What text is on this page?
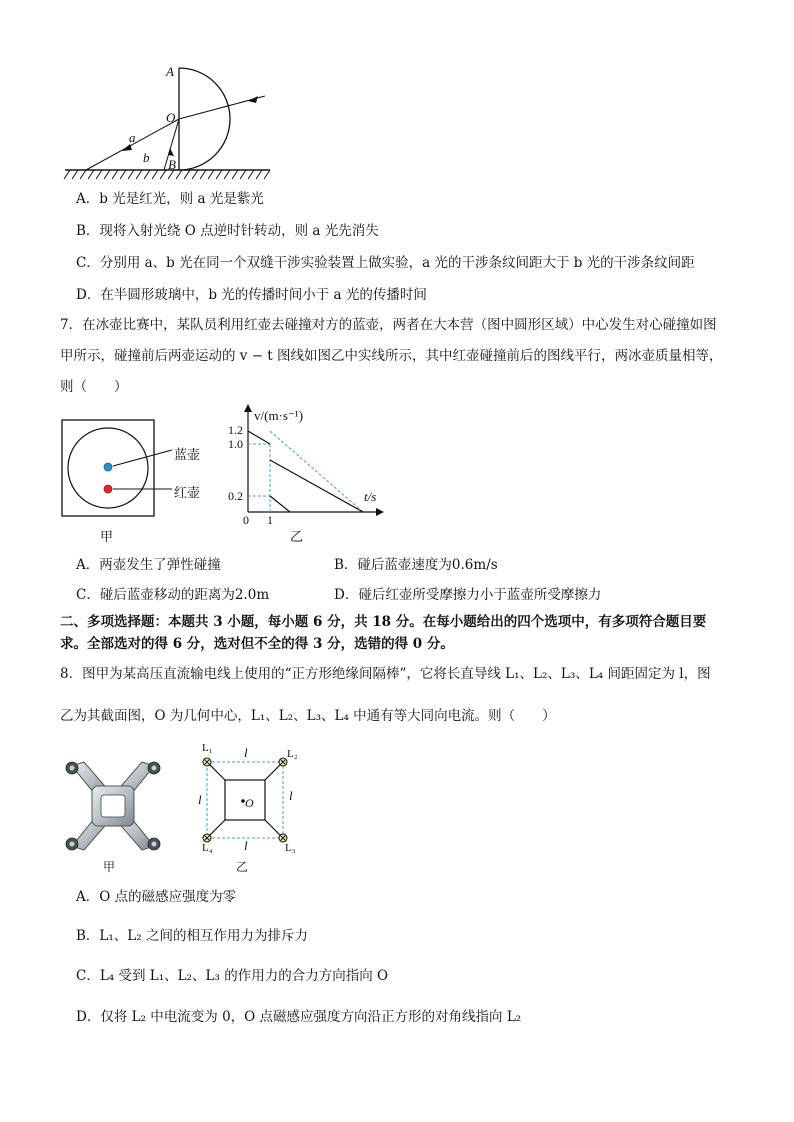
A
O
B
a
b
A．b 光是红光，则 a 光是紫光
B．现将入射光绕 O 点逆时针转动，则 a 光先消失
C．分别用 a、b 光在同一个双缝干涉实验装置上做实验，a 光的干涉条纹间距大于 b 光的干涉条纹间距
D．在半圆形玻璃中，b 光的传播时间小于 a 光的传播时间
7．在冰壶比赛中，某队员利用红壶去碰撞对方的蓝壶，两者在大本营（图中圆形区域）中心发生对心碰撞如图
甲所示，碰撞前后两壶运动的 v − t 图线如图乙中实线所示，其中红壶碰撞前后的图线平行，两冰壶质量相等，
则（　　）
蓝壶
红壶
甲
v/(m·s⁻¹)
1.2
1.0
0.2
0 1
t/s
乙
A．两壶发生了弹性碰撞	B．碰后蓝壶速度为0.6m/s
C．碰后蓝壶移动的距离为2.0m	D．碰后红壶所受摩擦力小于蓝壶所受摩擦力
二、多项选择题：本题共 3 小题，每小题 6 分，共 18 分。在每小题给出的四个选项中，有多项符合题目要
求。全部选对的得 6 分，选对但不全的得 3 分，选错的得 0 分。
8．图甲为某高压直流输电线上使用的“正方形绝缘间隔棒”，它将长直导线 L₁、L₂、L₃、L₄ 间距固定为 l，图
乙为其截面图，O 为几何中心，L₁、L₂、L₃、L₄ 中通有等大同向电流。则（　　）
甲
L₁	L₂
L₃
L₄
l
l	l
l
O
乙
A．O 点的磁感应强度为零
B．L₁、L₂ 之间的相互作用力为排斥力
C．L₄ 受到 L₁、L₂、L₃ 的作用力的合力方向指向 O
D．仅将 L₂ 中电流变为 0，O 点磁感应强度方向沿正方形的对角线指向 L₂
